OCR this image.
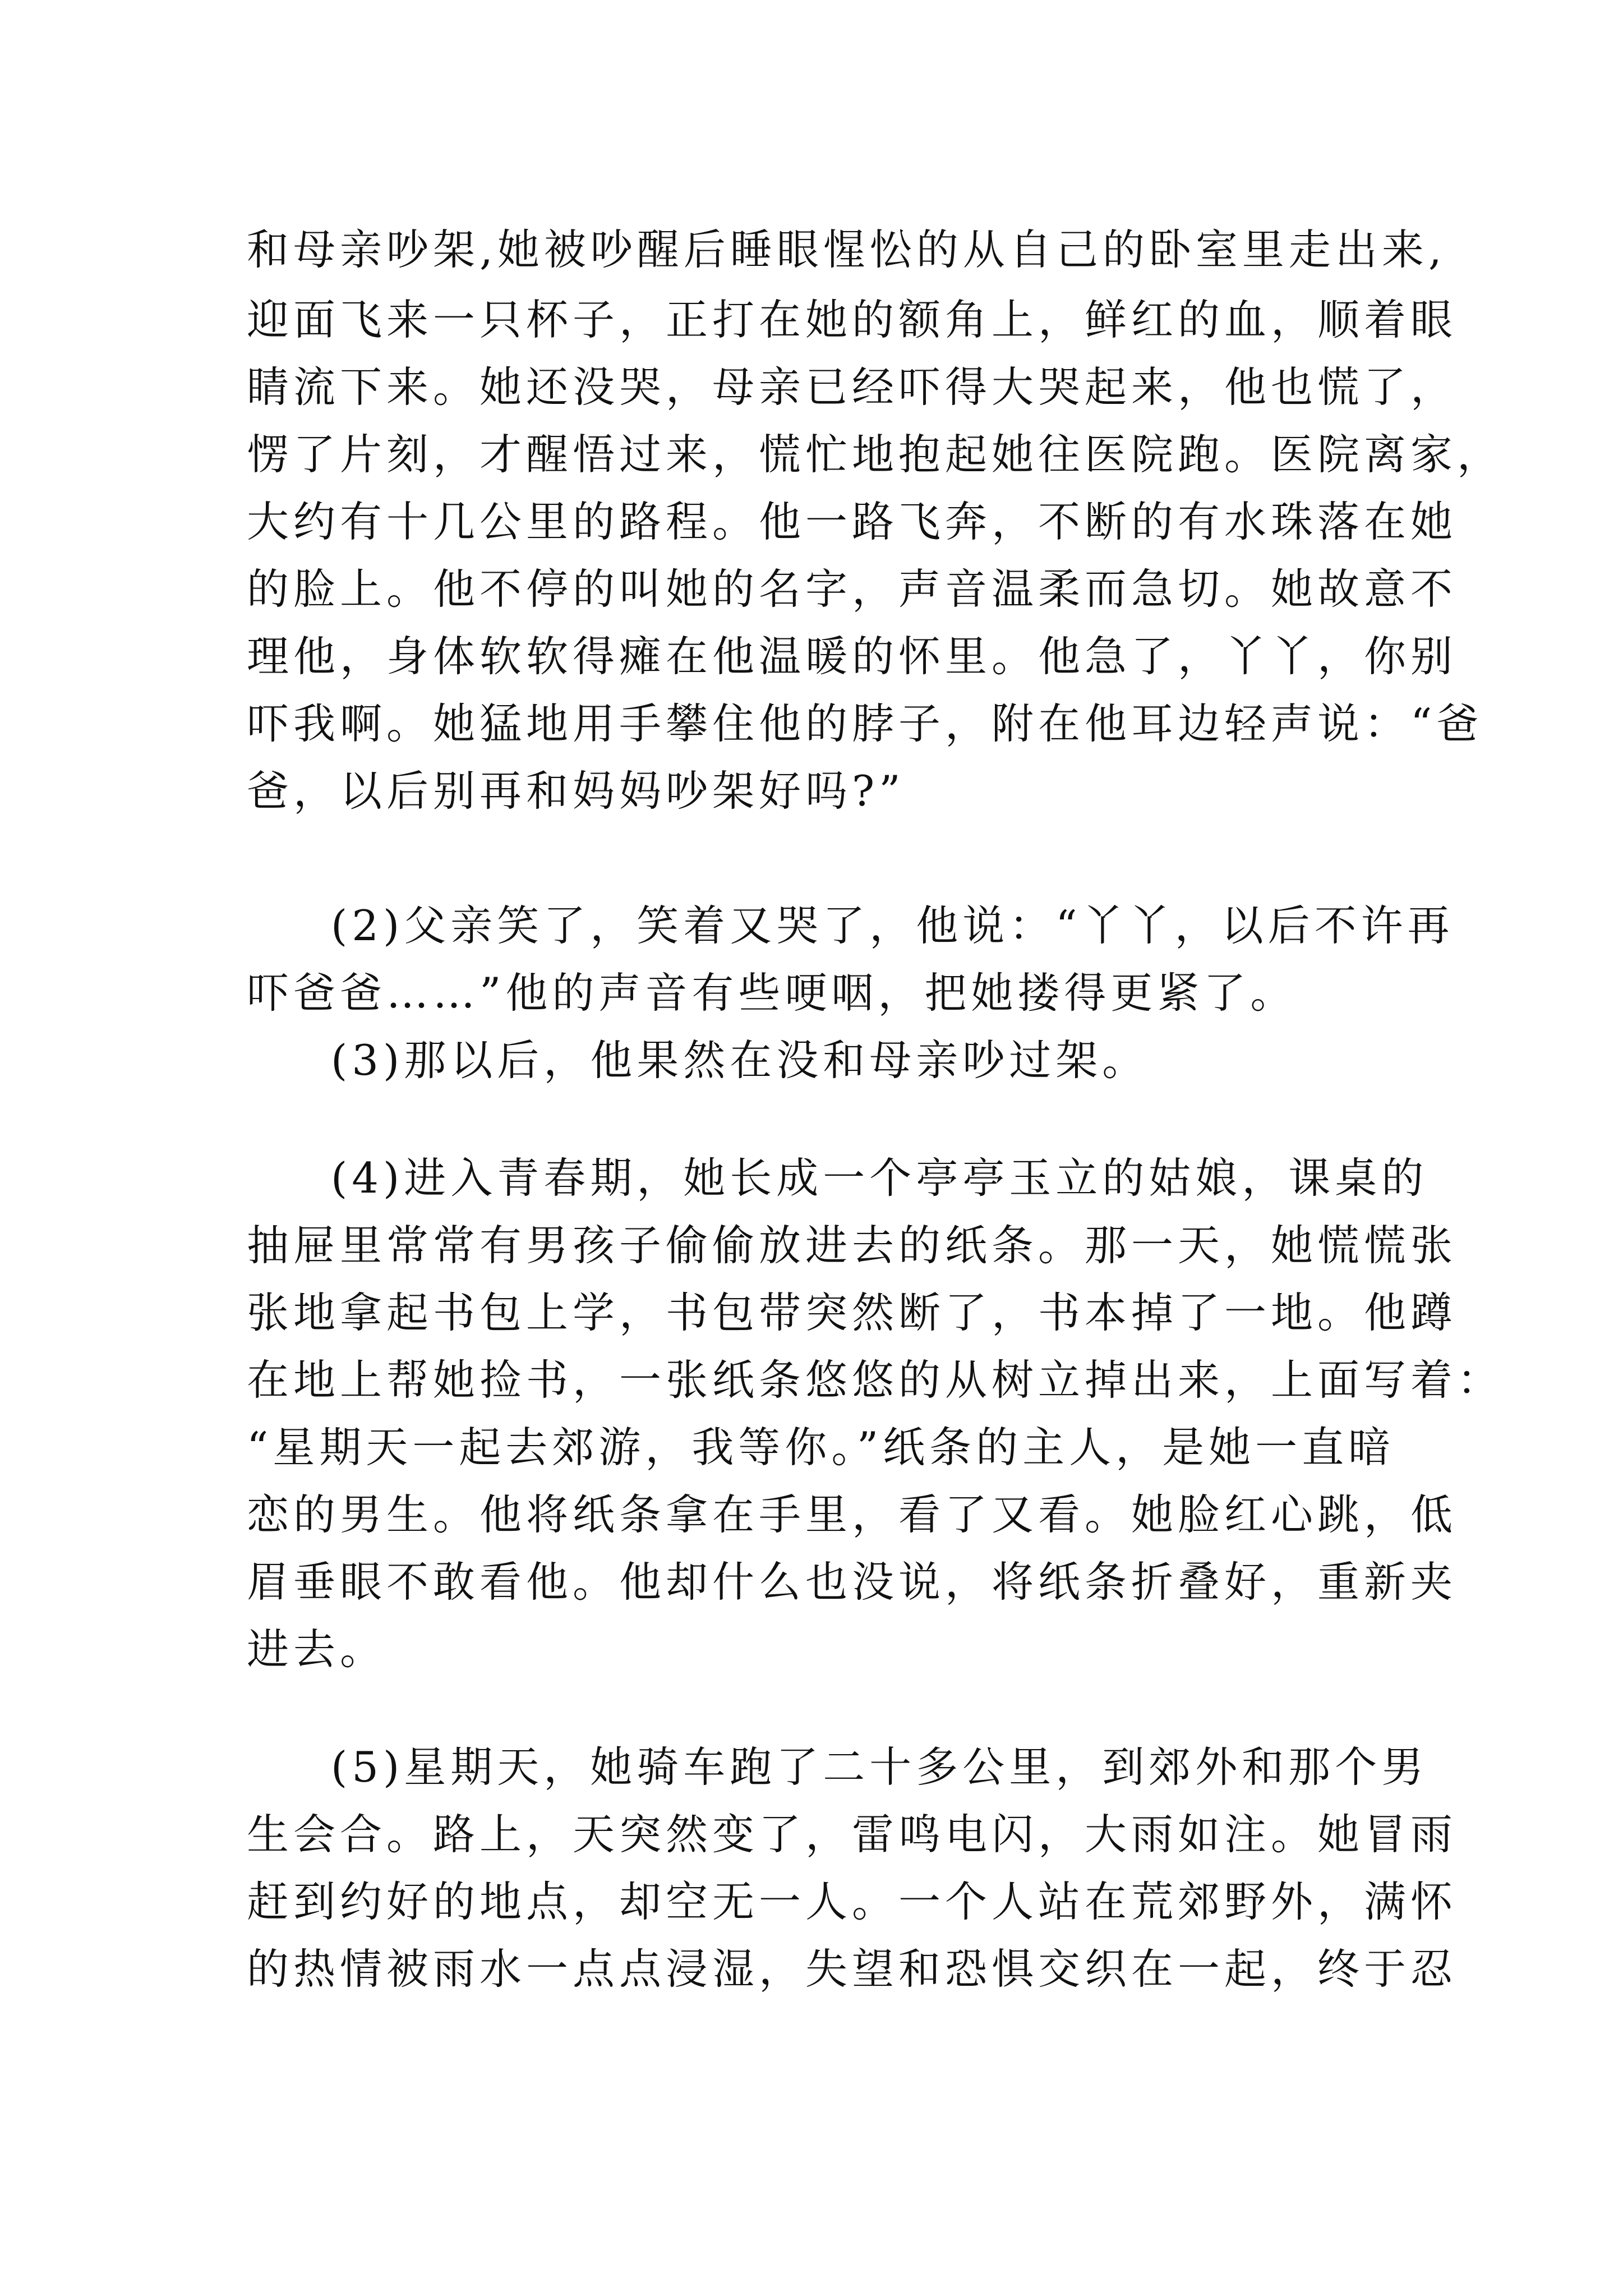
和母亲吵架,她被吵醒后睡眼惺忪的从自己的卧室里走出来,
迎面飞来一只杯子，正打在她的额角上，鲜红的血，顺着眼
睛流下来。她还没哭，母亲已经吓得大哭起来，他也慌了，
愣了片刻，才醒悟过来，慌忙地抱起她往医院跑。医院离家，
大约有十几公里的路程。他一路飞奔，不断的有水珠落在她
的脸上。他不停的叫她的名字，声音温柔而急切。她故意不
理他，身体软软得瘫在他温暖的怀里。他急了，丫丫，你别
吓我啊。她猛地用手攀住他的脖子，附在他耳边轻声说：“爸
爸，以后别再和妈妈吵架好吗?”
(2)父亲笑了，笑着又哭了，他说：“丫丫，以后不许再
吓爸爸……”他的声音有些哽咽，把她搂得更紧了。
(3)那以后，他果然在没和母亲吵过架。
(4)进入青春期，她长成一个亭亭玉立的姑娘，课桌的
抽屉里常常有男孩子偷偷放进去的纸条。那一天，她慌慌张
张地拿起书包上学，书包带突然断了，书本掉了一地。他蹲
在地上帮她捡书，一张纸条悠悠的从树立掉出来，上面写着：
“星期天一起去郊游，我等你。”纸条的主人，是她一直暗
恋的男生。他将纸条拿在手里，看了又看。她脸红心跳，低
眉垂眼不敢看他。他却什么也没说，将纸条折叠好，重新夹
进去。
(5)星期天，她骑车跑了二十多公里，到郊外和那个男
生会合。路上，天突然变了，雷鸣电闪，大雨如注。她冒雨
赶到约好的地点，却空无一人。一个人站在荒郊野外，满怀
的热情被雨水一点点浸湿，失望和恐惧交织在一起，终于忍
